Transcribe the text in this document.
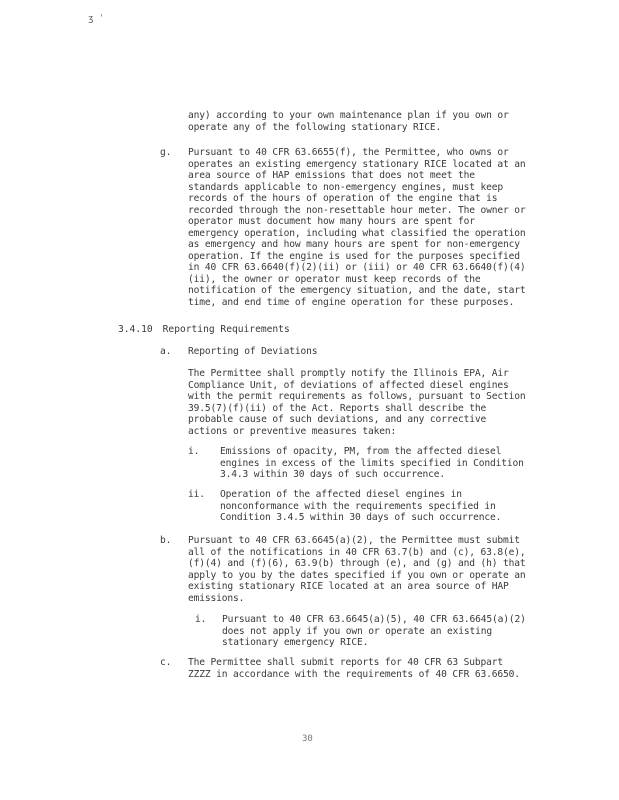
ʒ ˈ

any) according to your own maintenance plan if you own or operate any of the following stationary RICE.

g. Pursuant to 40 CFR 63.6655(f), the Permittee, who owns or operates an existing emergency stationary RICE located at an area source of HAP emissions that does not meet the standards applicable to non-emergency engines, must keep records of the hours of operation of the engine that is recorded through the non-resettable hour meter. The owner or operator must document how many hours are spent for emergency operation, including what classified the operation as emergency and how many hours are spent for non-emergency operation. If the engine is used for the purposes specified in 40 CFR 63.6640(f)(2)(ii) or (iii) or 40 CFR 63.6640(f)(4)(ii), the owner or operator must keep records of the notification of the emergency situation, and the date, start time, and end time of engine operation for these purposes.

3.4.10 Reporting Requirements
a. Reporting of Deviations

The Permittee shall promptly notify the Illinois EPA, Air Compliance Unit, of deviations of affected diesel engines with the permit requirements as follows, pursuant to Section 39.5(7)(f)(ii) of the Act. Reports shall describe the probable cause of such deviations, and any corrective actions or preventive measures taken:

i. Emissions of opacity, PM, from the affected diesel engines in excess of the limits specified in Condition 3.4.3 within 30 days of such occurrence.

ii. Operation of the affected diesel engines in nonconformance with the requirements specified in Condition 3.4.5 within 30 days of such occurrence.

b. Pursuant to 40 CFR 63.6645(a)(2), the Permittee must submit all of the notifications in 40 CFR 63.7(b) and (c), 63.8(e), (f)(4) and (f)(6), 63.9(b) through (e), and (g) and (h) that apply to you by the dates specified if you own or operate an existing stationary RICE located at an area source of HAP emissions.

i. Pursuant to 40 CFR 63.6645(a)(5), 40 CFR 63.6645(a)(2) does not apply if you own or operate an existing stationary emergency RICE.

c. The Permittee shall submit reports for 40 CFR 63 Subpart ZZZZ in accordance with the requirements of 40 CFR 63.6650.

30
